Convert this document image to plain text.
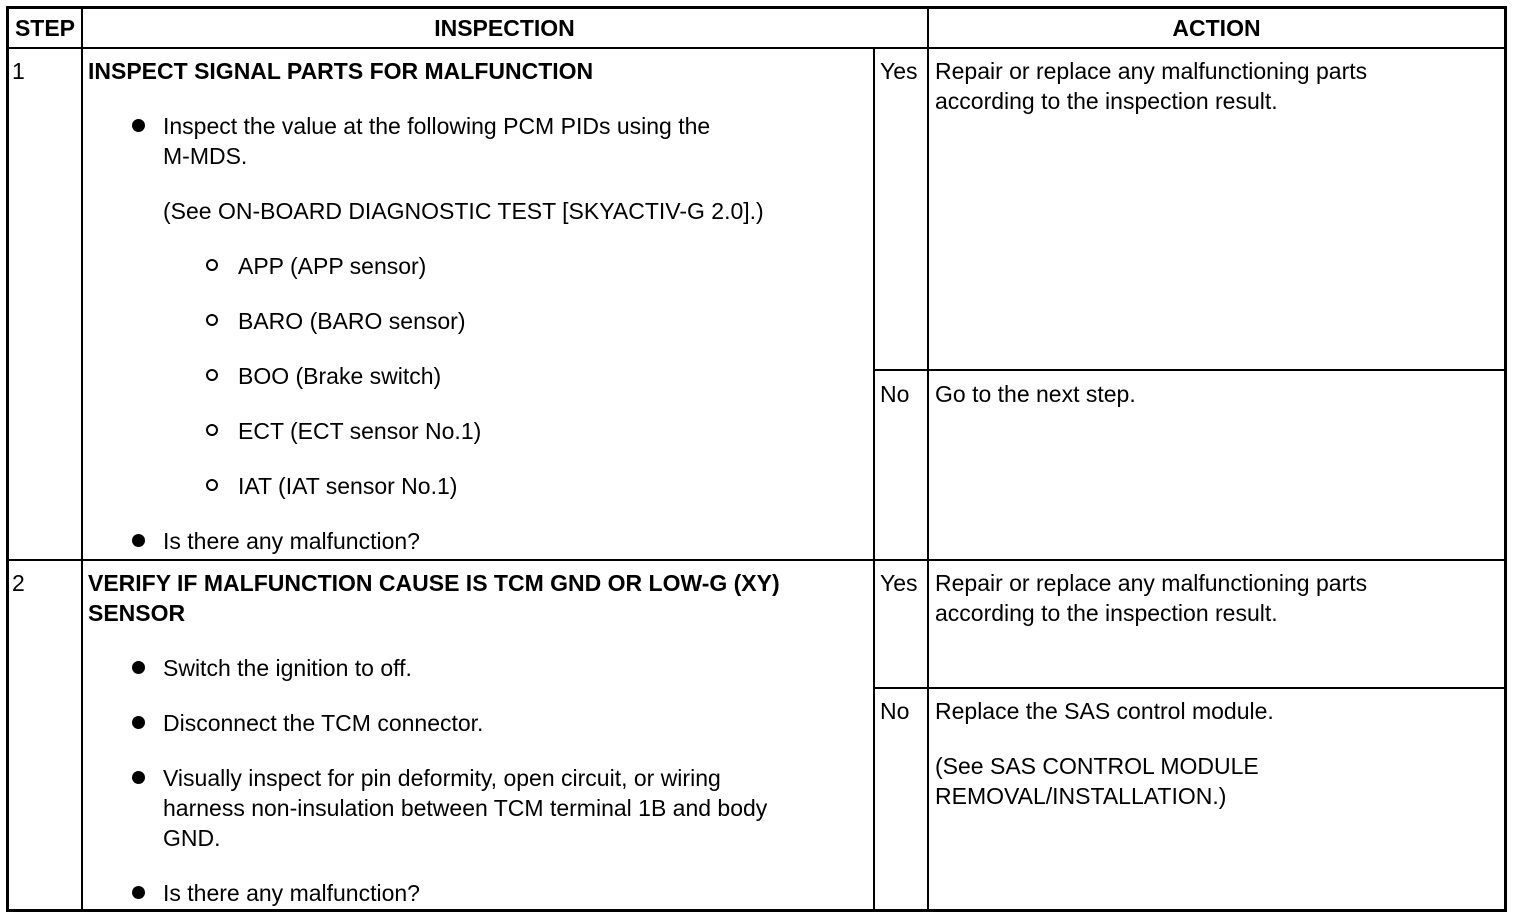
STEP	INSPECTION	ACTION
1	INSPECT SIGNAL PARTS FOR MALFUNCTION
Inspect the value at the following PCM PIDs using the
M-MDS.
(See ON-BOARD DIAGNOSTIC TEST [SKYACTIV-G 2.0].)
APP (APP sensor)
BARO (BARO sensor)
BOO (Brake switch)
ECT (ECT sensor No.1)
IAT (IAT sensor No.1)
Is there any malfunction?
Yes Repair or replace any malfunctioning parts
according to the inspection result.
No Go to the next step.
2	VERIFY IF MALFUNCTION CAUSE IS TCM GND OR LOW-G (XY)
SENSOR
Switch the ignition to off.
Disconnect the TCM connector.
Visually inspect for pin deformity, open circuit, or wiring
harness non-insulation between TCM terminal 1B and body
GND.
Is there any malfunction?
Yes Repair or replace any malfunctioning parts
according to the inspection result.
No Replace the SAS control module.
(See SAS CONTROL MODULE
REMOVAL/INSTALLATION.)
